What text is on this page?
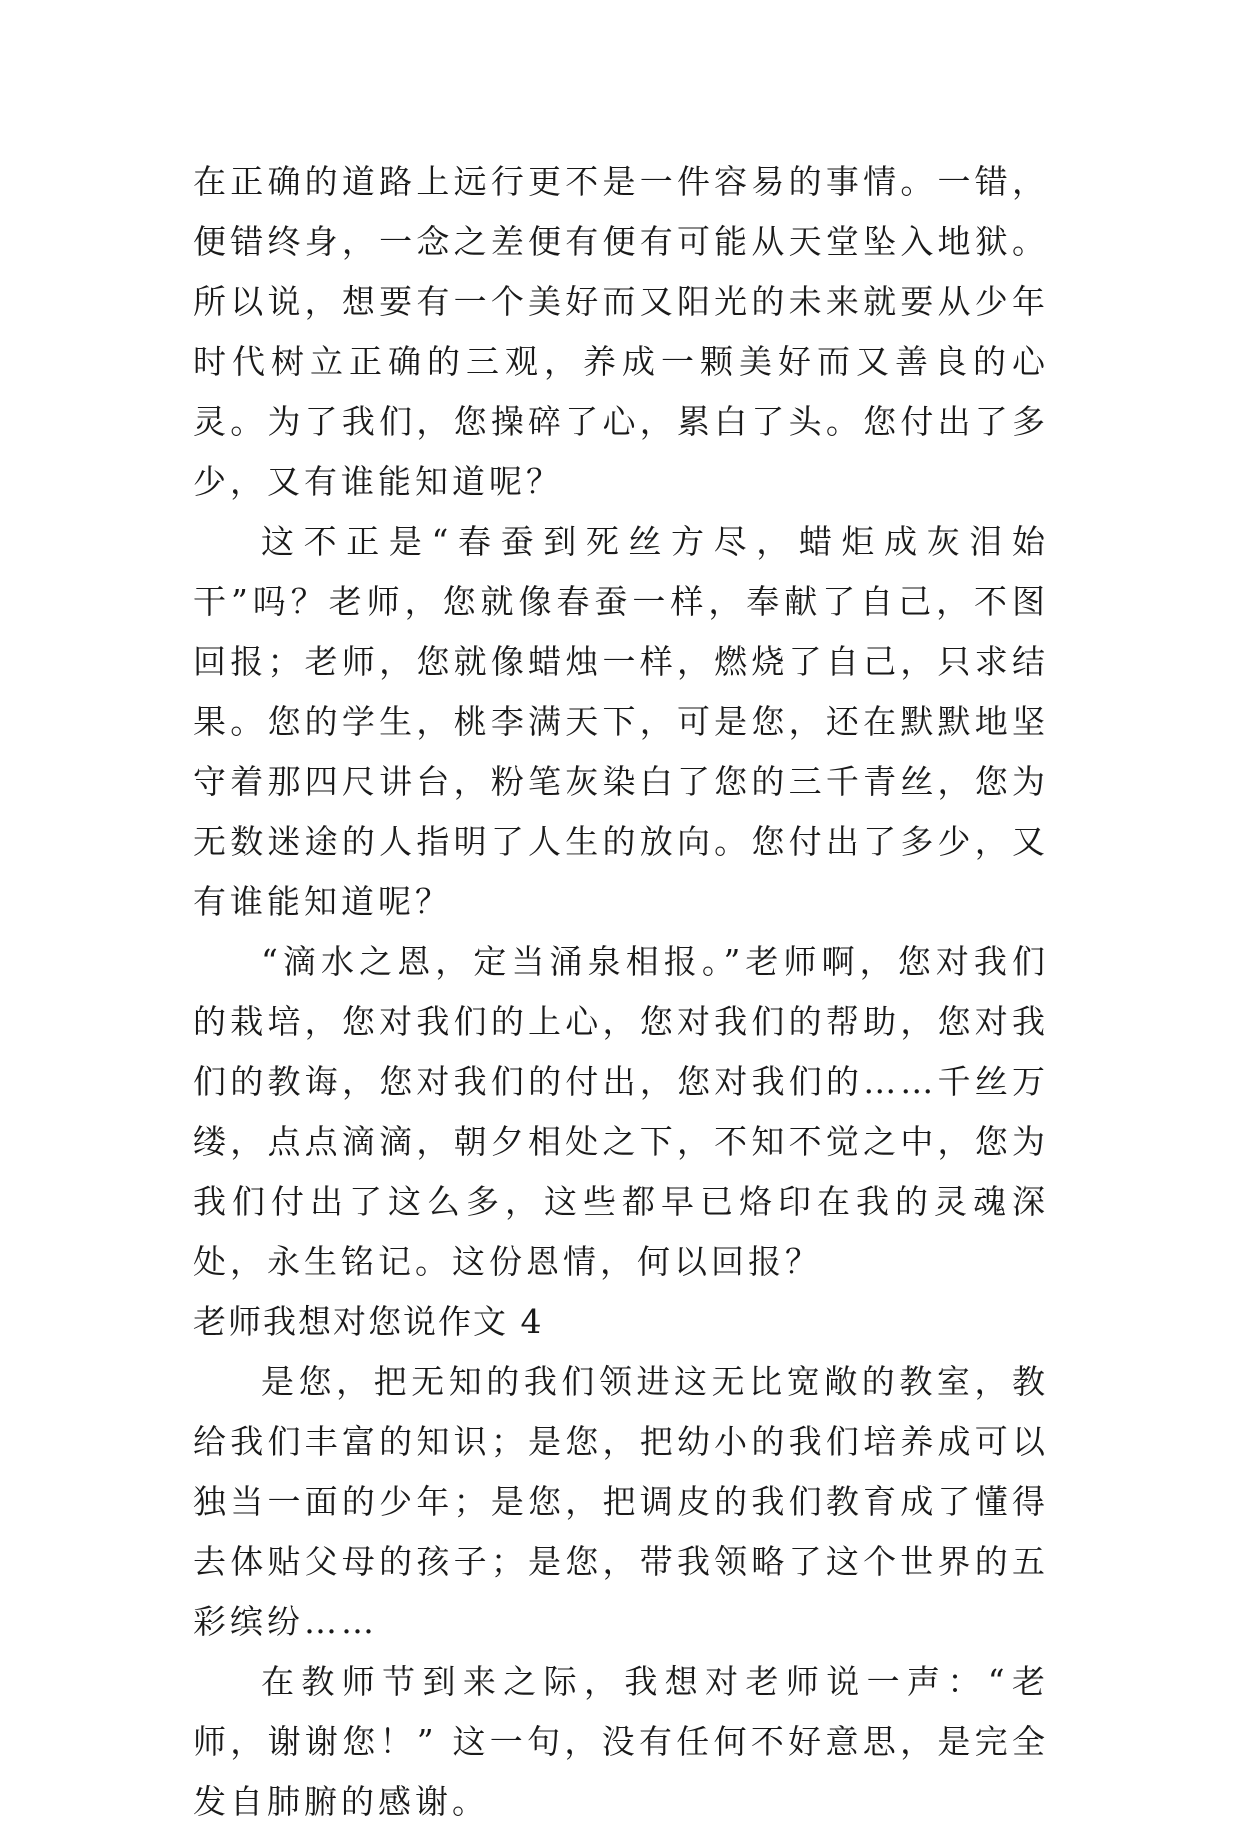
在正确的道路上远行更不是一件容易的事情。一错，便错终身，一念之差便有便有可能从天堂坠入地狱。所以说，想要有一个美好而又阳光的未来就要从少年时代树立正确的三观，养成一颗美好而又善良的心灵。为了我们，您操碎了心，累白了头。您付出了多少，又有谁能知道呢？

这不正是“春蚕到死丝方尽，蜡炬成灰泪始干”吗？老师，您就像春蚕一样，奉献了自己，不图回报；老师，您就像蜡烛一样，燃烧了自己，只求结果。您的学生，桃李满天下，可是您，还在默默地坚守着那四尺讲台，粉笔灰染白了您的三千青丝，您为无数迷途的人指明了人生的放向。您付出了多少，又有谁能知道呢？

“滴水之恩，定当涌泉相报。”老师啊，您对我们的栽培，您对我们的上心，您对我们的帮助，您对我们的教诲，您对我们的付出，您对我们的……千丝万缕，点点滴滴，朝夕相处之下，不知不觉之中，您为我们付出了这么多，这些都早已烙印在我的灵魂深处，永生铭记。这份恩情，何以回报？

老师我想对您说作文 4

是您，把无知的我们领进这无比宽敞的教室，教给我们丰富的知识；是您，把幼小的我们培养成可以独当一面的少年；是您，把调皮的我们教育成了懂得去体贴父母的孩子；是您，带我领略了这个世界的五彩缤纷……

在教师节到来之际，我想对老师说一声：“老师，谢谢您！” 这一句，没有任何不好意思，是完全发自肺腑的感谢。
